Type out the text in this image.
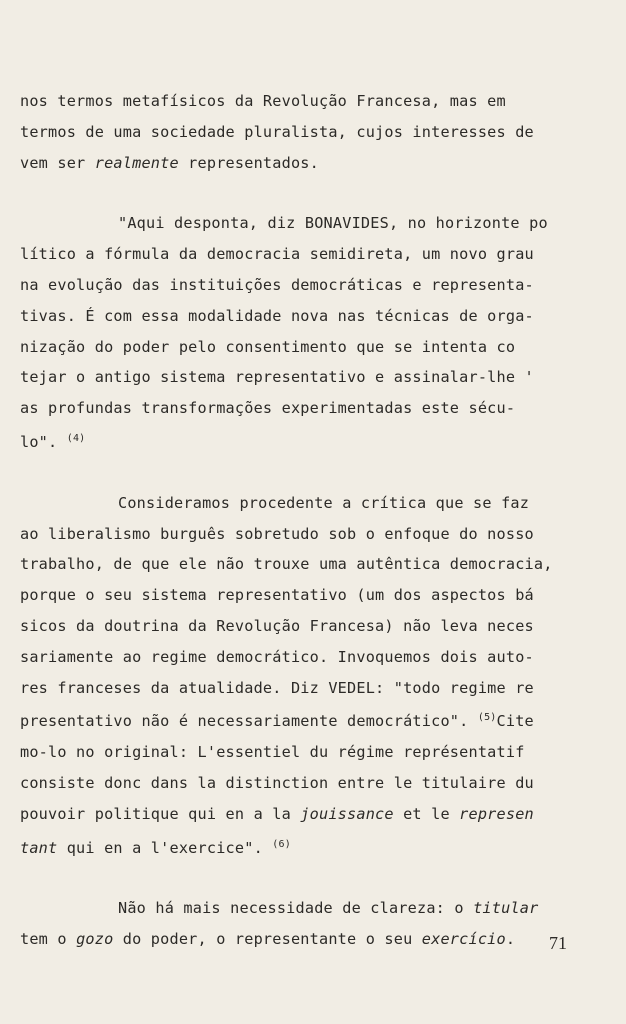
nos termos metafísicos da Revolução Francesa, mas em
termos de uma sociedade pluralista, cujos interesses de
vem ser realmente representados.
"Aqui desponta, diz BONAVIDES, no horizonte po
lítico a fórmula da democracia semidireta, um novo grau
na evolução das instituições democráticas e representa-
tivas. É com essa modalidade nova nas técnicas de orga-
nização do poder pelo consentimento que se intenta co
tejar o antigo sistema representativo e assinalar-lhe '
as profundas transformações experimentadas este sécu-
lo". $^{(4)}$
Consideramos procedente a crítica que se faz
ao liberalismo burguês sobretudo sob o enfoque do nosso
trabalho, de que ele não trouxe uma autêntica democracia,
porque o seu sistema representativo (um dos aspectos bá
sicos da doutrina da Revolução Francesa) não leva neces
sariamente ao regime democrático. Invoquemos dois auto-
res franceses da atualidade. Diz VEDEL: "todo regime re
presentativo não é necessariamente democrático". $^{(5)}$Cite
mo-lo no original: L'essentiel du régime représentatif
consiste donc dans la distinction entre le titulaire du
pouvoir politique qui en a la jouissance et le represen
tant qui en a l'exercice". $^{(6)}$
Não há mais necessidade de clareza: o titular
tem o gozo do poder, o representante o seu exercício.	71
